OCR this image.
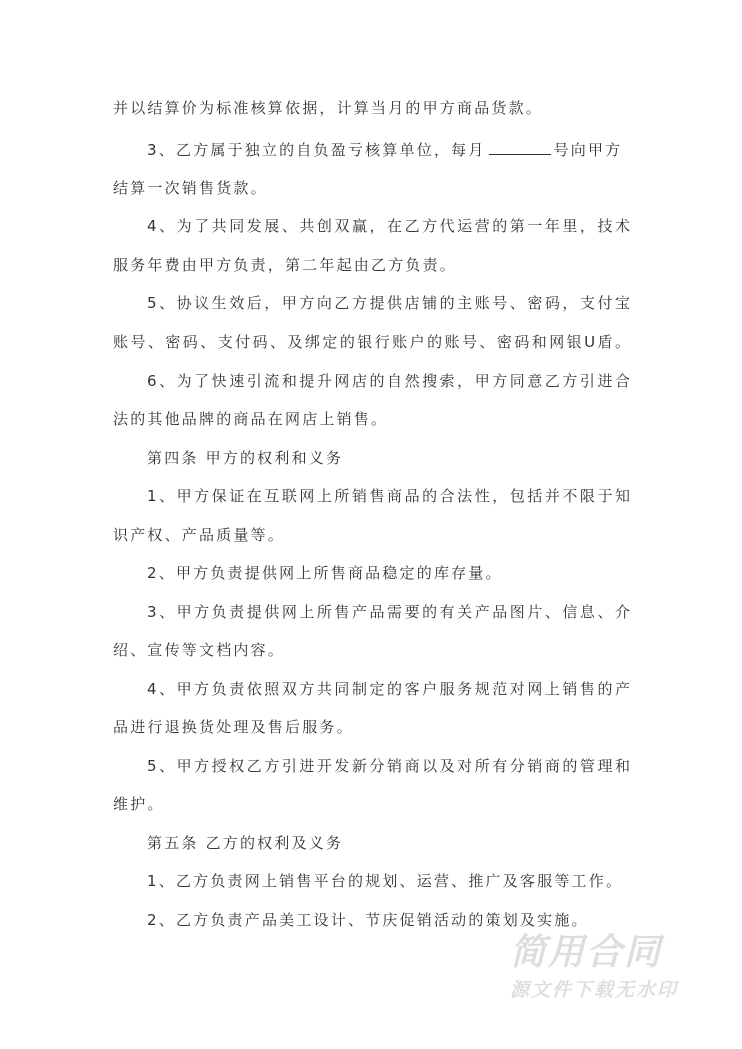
并以结算价为标准核算依据，计算当月的甲方商品货款。
3、乙方属于独立的自负盈亏核算单位，每月	号向甲方
结算一次销售货款。
4、为了共同发展、共创双赢，在乙方代运营的第一年里，技术
服务年费由甲方负责，第二年起由乙方负责。
5、协议生效后，甲方向乙方提供店铺的主账号、密码，支付宝
账号、密码、支付码、及绑定的银行账户的账号、密码和网银U盾。
6、为了快速引流和提升网店的自然搜索，甲方同意乙方引进合
法的其他品牌的商品在网店上销售。
第四条 甲方的权利和义务
1、甲方保证在互联网上所销售商品的合法性，包括并不限于知
识产权、产品质量等。
2、甲方负责提供网上所售商品稳定的库存量。
3、甲方负责提供网上所售产品需要的有关产品图片、信息、介
绍、宣传等文档内容。
4、甲方负责依照双方共同制定的客户服务规范对网上销售的产
品进行退换货处理及售后服务。
5、甲方授权乙方引进开发新分销商以及对所有分销商的管理和
维护。
第五条 乙方的权利及义务
1、乙方负责网上销售平台的规划、运营、推广及客服等工作。
2、乙方负责产品美工设计、节庆促销活动的策划及实施。
简用合同
源文件下载无水印
